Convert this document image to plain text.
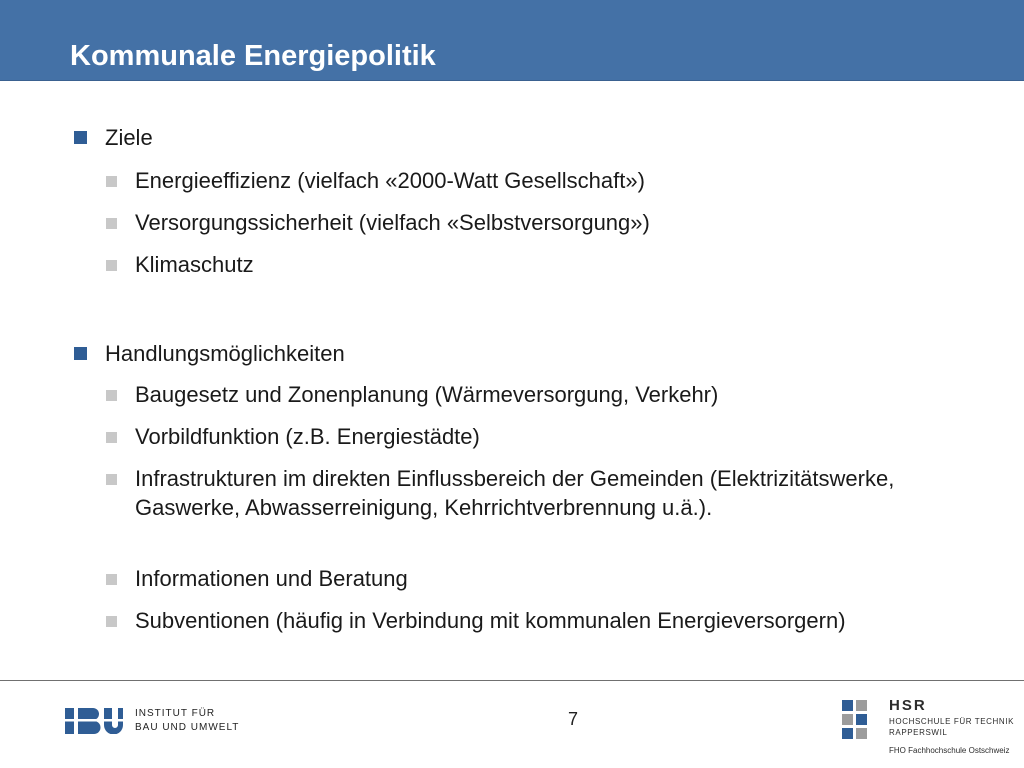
Kommunale Energiepolitik
Ziele
Energieeffizienz (vielfach «2000-Watt Gesellschaft»)
Versorgungssicherheit (vielfach «Selbstversorgung»)
Klimaschutz
Handlungsmöglichkeiten
Baugesetz und Zonenplanung (Wärmeversorgung, Verkehr)
Vorbildfunktion (z.B. Energiestädte)
Infrastrukturen im direkten Einflussbereich der Gemeinden (Elektrizitätswerke, Gaswerke, Abwasserreinigung, Kehrrichtverbrennung u.ä.).
Informationen und Beratung
Subventionen (häufig in Verbindung mit kommunalen Energieversorgern)
INSTITUT FÜR
BAU UND UMWELT	7
HSR
HOCHSCHULE FÜR TECHNIK
RAPPERSWIL
FHO Fachhochschule Ostschweiz
